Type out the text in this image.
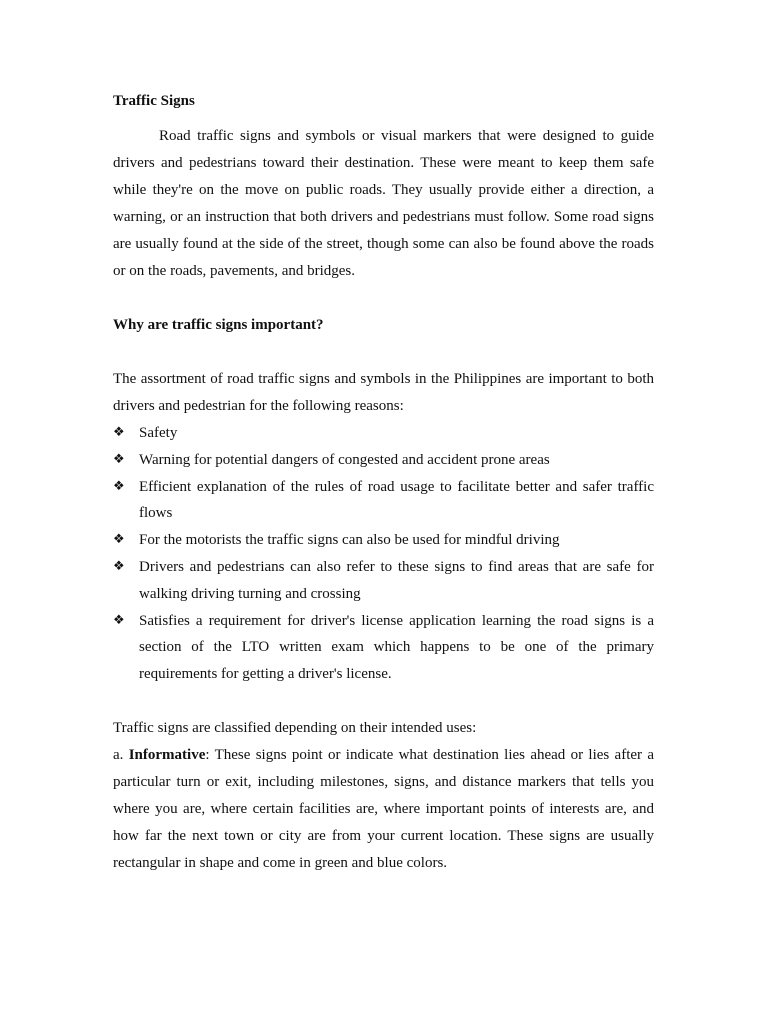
Traffic Signs

Road traffic signs and symbols or visual markers that were designed to guide drivers and pedestrians toward their destination. These were meant to keep them safe while they're on the move on public roads. They usually provide either a direction, a warning, or an instruction that both drivers and pedestrians must follow. Some road signs are usually found at the side of the street, though some can also be found above the roads or on the roads, pavements, and bridges.

Why are traffic signs important?

The assortment of road traffic signs and symbols in the Philippines are important to both drivers and pedestrian for the following reasons:

❖ Safety
❖ Warning for potential dangers of congested and accident prone areas
❖ Efficient explanation of the rules of road usage to facilitate better and safer traffic flows
❖ For the motorists the traffic signs can also be used for mindful driving
❖ Drivers and pedestrians can also refer to these signs to find areas that are safe for walking driving turning and crossing
❖ Satisfies a requirement for driver's license application learning the road signs is a section of the LTO written exam which happens to be one of the primary requirements for getting a driver's license.

Traffic signs are classified depending on their intended uses:

a. Informative: These signs point or indicate what destination lies ahead or lies after a particular turn or exit, including milestones, signs, and distance markers that tells you where you are, where certain facilities are, where important points of interests are, and how far the next town or city are from your current location. These signs are usually rectangular in shape and come in green and blue colors.
